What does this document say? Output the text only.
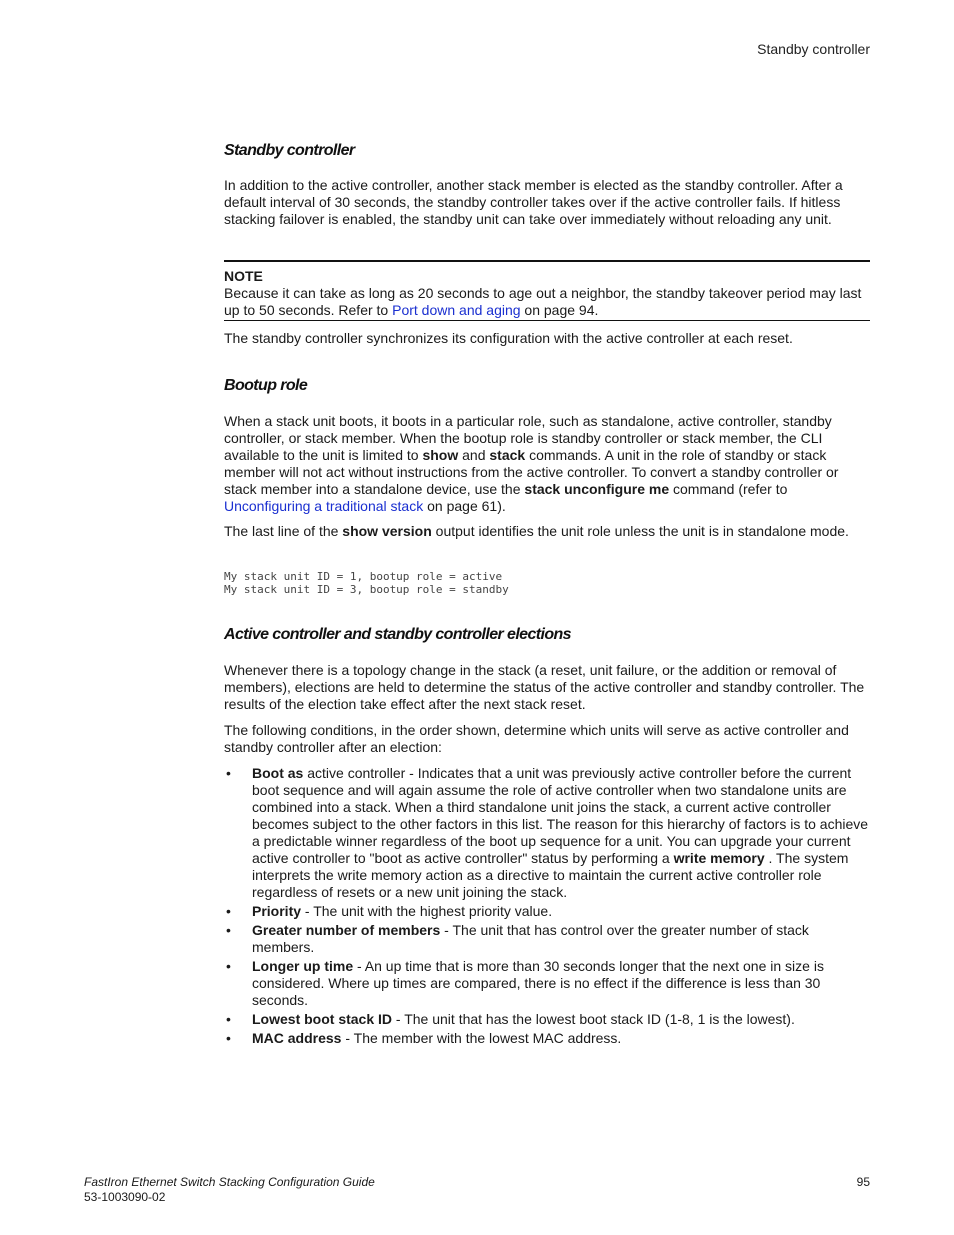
Standby controller
Standby controller

In addition to the active controller, another stack member is elected as the standby controller. After a default interval of 30 seconds, the standby controller takes over if the active controller fails. If hitless stacking failover is enabled, the standby unit can take over immediately without reloading any unit.

NOTE

Because it can take as long as 20 seconds to age out a neighbor, the standby takeover period may last up to 50 seconds. Refer to Port down and aging on page 94.

The standby controller synchronizes its configuration with the active controller at each reset.

Bootup role

When a stack unit boots, it boots in a particular role, such as standalone, active controller, standby controller, or stack member. When the bootup role is standby controller or stack member, the CLI available to the unit is limited to show and stack commands. A unit in the role of standby or stack member will not act without instructions from the active controller. To convert a standby controller or stack member into a standalone device, use the stack unconfigure me command (refer to Unconfiguring a traditional stack on page 61).

The last line of the show version output identifies the unit role unless the unit is in standalone mode.

My stack unit ID = 1, bootup role = active
My stack unit ID = 3, bootup role = standby
Active controller and standby controller elections

Whenever there is a topology change in the stack (a reset, unit failure, or the addition or removal of members), elections are held to determine the status of the active controller and standby controller. The results of the election take effect after the next stack reset.

The following conditions, in the order shown, determine which units will serve as active controller and standby controller after an election:

• Boot as active controller - Indicates that a unit was previously active controller before the current boot sequence and will again assume the role of active controller when two standalone units are combined into a stack. When a third standalone unit joins the stack, a current active controller becomes subject to the other factors in this list. The reason for this hierarchy of factors is to achieve a predictable winner regardless of the boot up sequence for a unit. You can upgrade your current active controller to "boot as active controller" status by performing a write memory . The system interprets the write memory action as a directive to maintain the current active controller role regardless of resets or a new unit joining the stack.
• Priority - The unit with the highest priority value.
• Greater number of members - The unit that has control over the greater number of stack members.
• Longer up time - An up time that is more than 30 seconds longer that the next one in size is considered. Where up times are compared, there is no effect if the difference is less than 30 seconds.
• Lowest boot stack ID - The unit that has the lowest boot stack ID (1-8, 1 is the lowest).
• MAC address - The member with the lowest MAC address.
FastIron Ethernet Switch Stacking Configuration Guide
53-1003090-02
95
